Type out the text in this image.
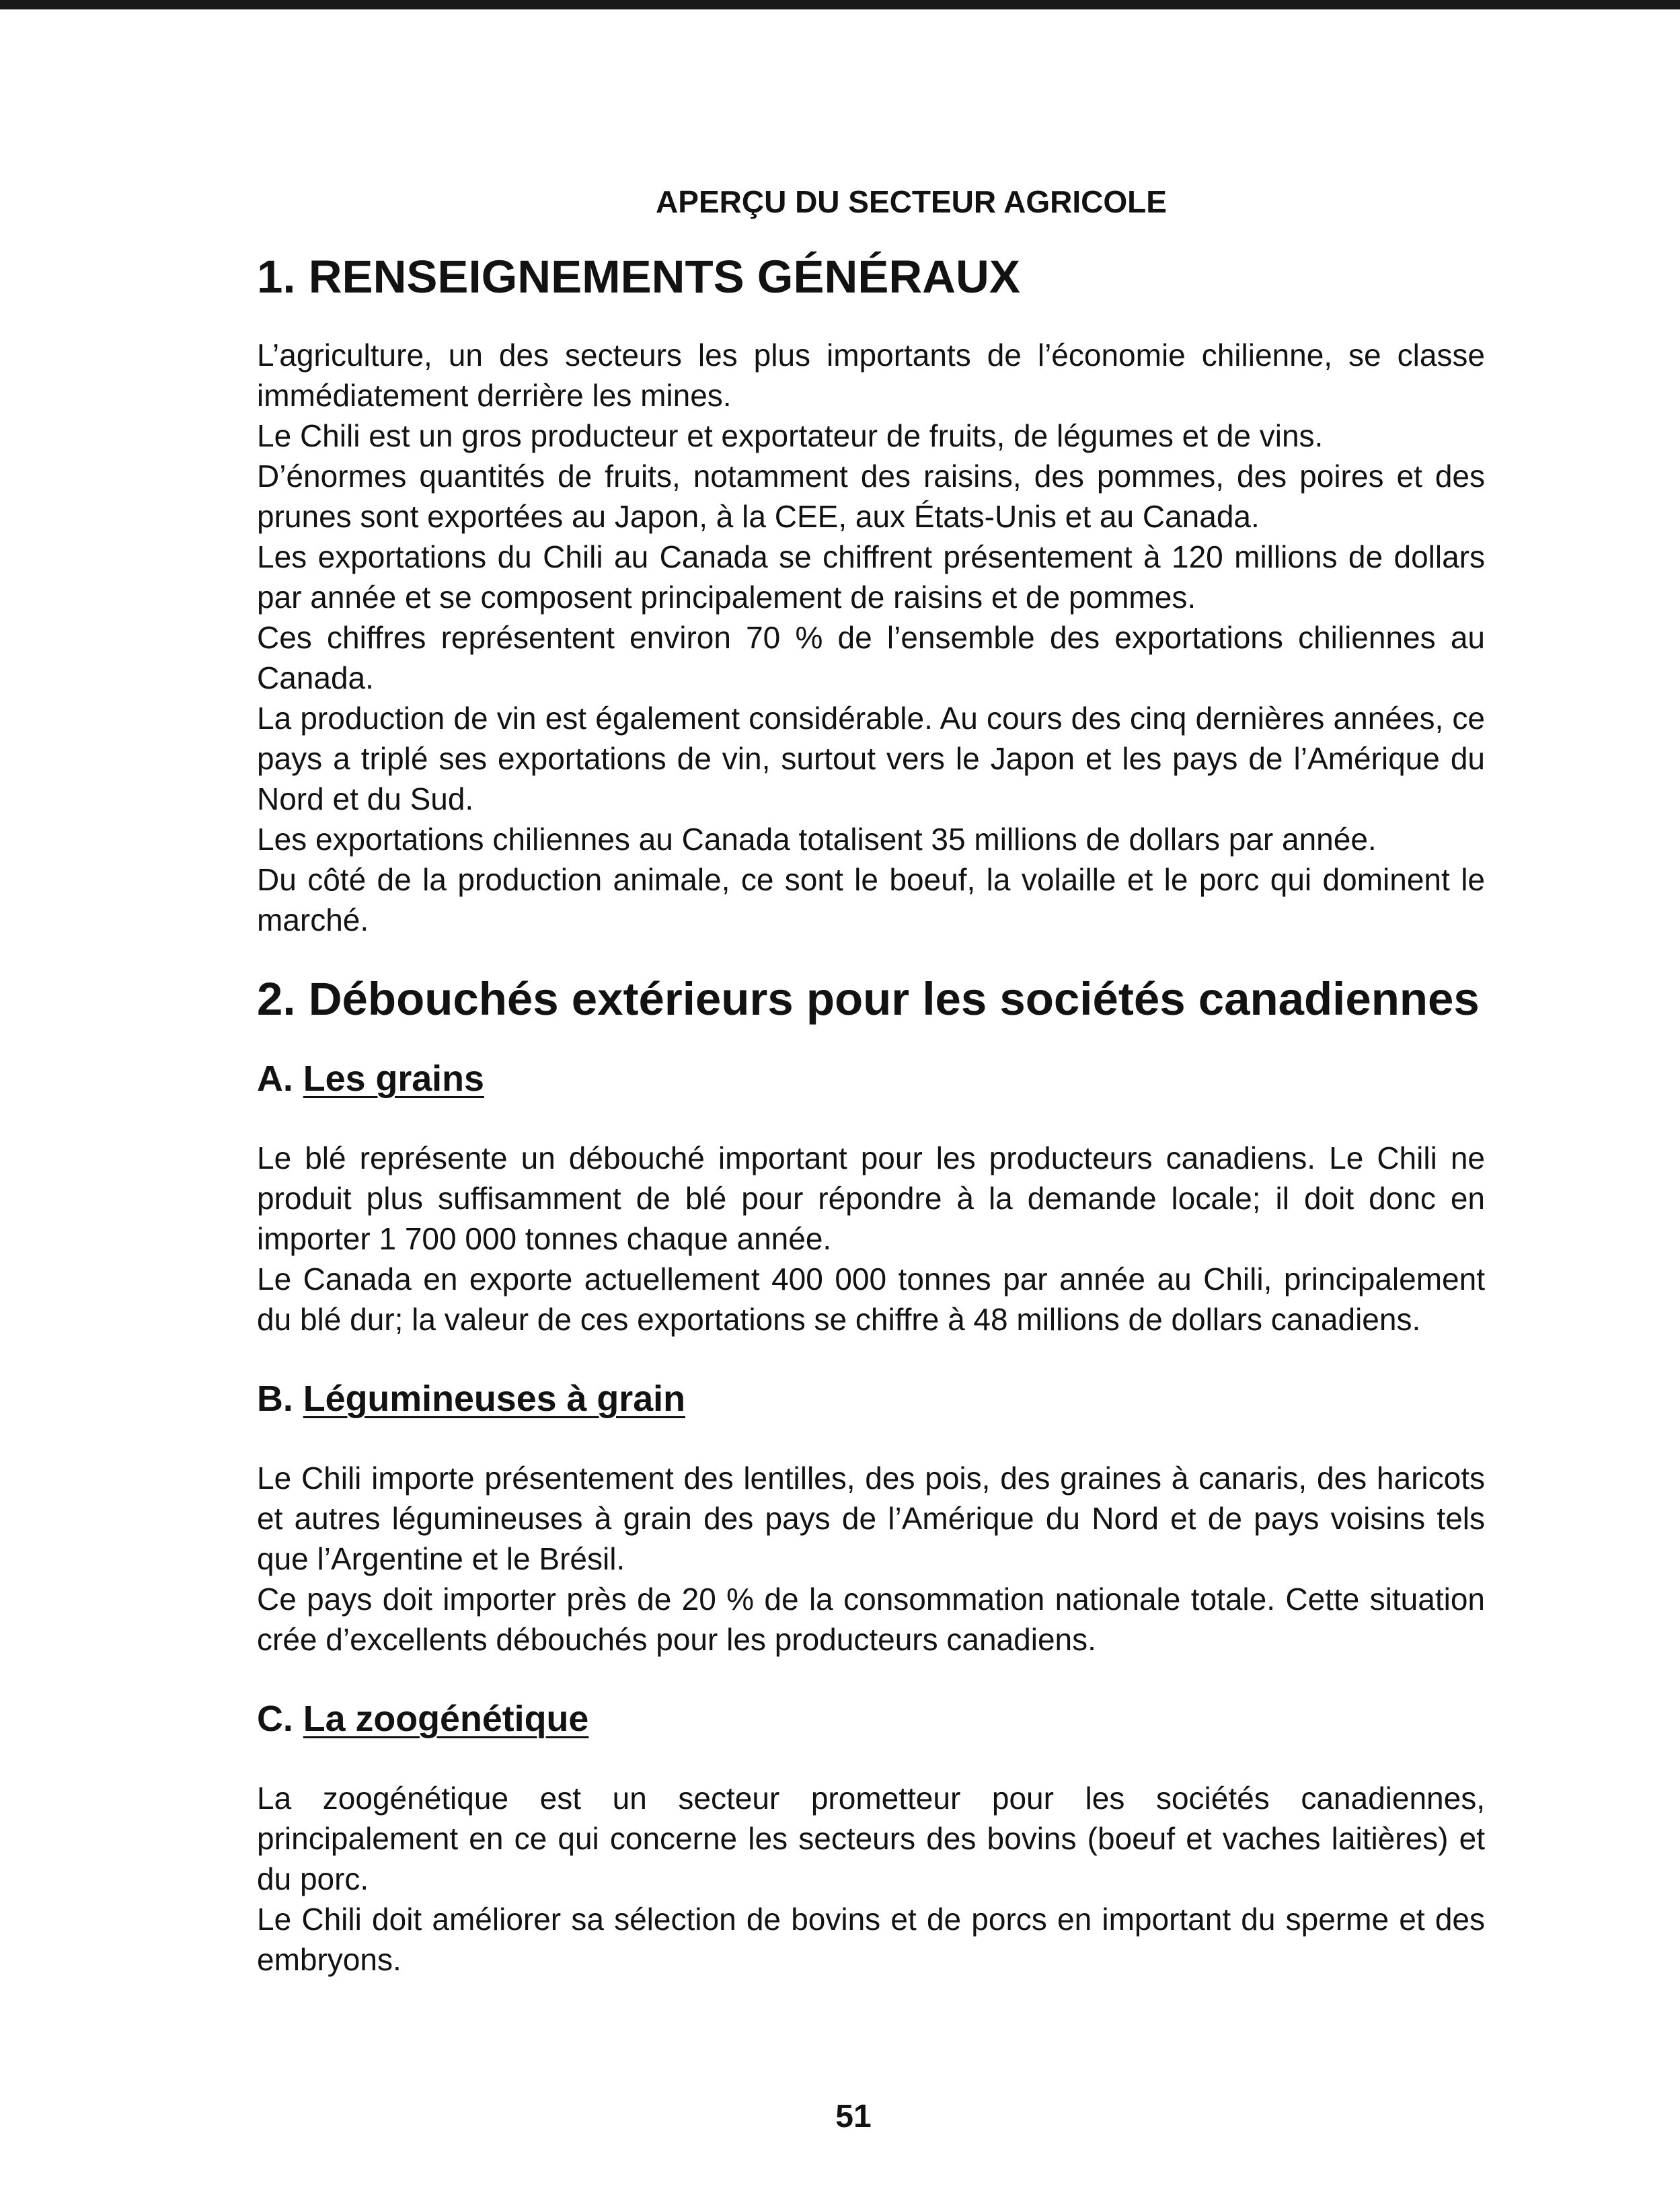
APERÇU DU SECTEUR AGRICOLE
1. RENSEIGNEMENTS GÉNÉRAUX

L’agriculture, un des secteurs les plus importants de l’économie chilienne, se classe immédiatement derrière les mines.

Le Chili est un gros producteur et exportateur de fruits, de légumes et de vins.

D’énormes quantités de fruits, notamment des raisins, des pommes, des poires et des prunes sont exportées au Japon, à la CEE, aux États-Unis et au Canada.

Les exportations du Chili au Canada se chiffrent présentement à 120 millions de dollars par année et se composent principalement de raisins et de pommes.

Ces chiffres représentent environ 70 % de l’ensemble des exportations chiliennes au Canada.

La production de vin est également considérable. Au cours des cinq dernières années, ce pays a triplé ses exportations de vin, surtout vers le Japon et les pays de l’Amérique du Nord et du Sud.

Les exportations chiliennes au Canada totalisent 35 millions de dollars par année.

Du côté de la production animale, ce sont le boeuf, la volaille et le porc qui dominent le marché.

2. Débouchés extérieurs pour les sociétés canadiennes
A. Les grains

Le blé représente un débouché important pour les producteurs canadiens. Le Chili ne produit plus suffisamment de blé pour répondre à la demande locale; il doit donc en importer 1 700 000 tonnes chaque année.

Le Canada en exporte actuellement 400 000 tonnes par année au Chili, principalement du blé dur; la valeur de ces exportations se chiffre à 48 millions de dollars canadiens.

B. Légumineuses à grain

Le Chili importe présentement des lentilles, des pois, des graines à canaris, des haricots et autres légumineuses à grain des pays de l’Amérique du Nord et de pays voisins tels que l’Argentine et le Brésil.

Ce pays doit importer près de 20 % de la consommation nationale totale. Cette situation crée d’excellents débouchés pour les producteurs canadiens.

C. La zoogénétique

La zoogénétique est un secteur prometteur pour les sociétés canadiennes, principalement en ce qui concerne les secteurs des bovins (boeuf et vaches laitières) et du porc.

Le Chili doit améliorer sa sélection de bovins et de porcs en important du sperme et des embryons.

51
